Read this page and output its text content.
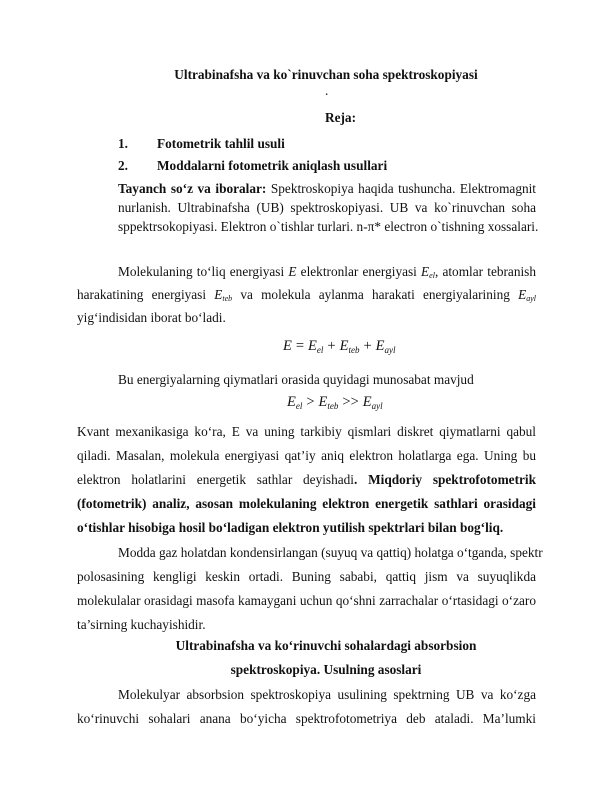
Ultrabinafsha va ko`rinuvchan soha spektroskopiyasi
.
Reja:
1. Fotometrik tahlil usuli
2. Moddalarni fotometrik aniqlash usullari
Tayanch so‘z va iboralar: Spektroskopiya haqida tushuncha. Elektromagnit
nurlanish. Ultrabinafsha (UB) spektroskopiyasi. UB va ko`rinuvchan soha
sppektrsokopiyasi. Elektron o`tishlar turlari. n-π* electron o`tishning xossalari.
Molekulaning to‘liq energiyasi E elektronlar energiyasi $E_{el}$, atomlar tebranish
harakatining energiyasi $E_{teb}$ va molekula aylanma harakati energiyalarining $E_{ayl}$
yig‘indisidan iborat bo‘ladi.
$E = E_{el} + E_{teb} + E_{ayl}$
Bu energiyalarning qiymatlari orasida quyidagi munosabat mavjud
$E_{el} > E_{teb} >> E_{ayl}$
Kvant mexanikasiga ko‘ra, E va uning tarkibiy qismlari diskret qiymatlarni qabul
qiladi. Masalan, molekula energiyasi qat’iy aniq elektron holatlarga ega. Uning bu
elektron holatlarini energetik sathlar deyishadi. Miqdoriy spektrofotometrik
(fotometrik) analiz, asosan molekulaning elektron energetik sathlari orasidagi
o‘tishlar hisobiga hosil bo‘ladigan elektron yutilish spektrlari bilan bog‘liq.
Modda gaz holatdan kondensirlangan (suyuq va qattiq) holatga o‘tganda, spektr
polosasining kengligi keskin ortadi. Buning sababi, qattiq jism va suyuqlikda
molekulalar orasidagi masofa kamaygani uchun qo‘shni zarrachalar o‘rtasidagi o‘zaro
ta’sirning kuchayishidir.
Ultrabinafsha va ko‘rinuvchi sohalardagi absorbsion
spektroskopiya. Usulning asoslari
Molekulyar absorbsion spektroskopiya usulining spektrning UB va ko‘zga
ko‘rinuvchi sohalari anana bo‘yicha spektrofotometriya deb ataladi. Ma’lumki
